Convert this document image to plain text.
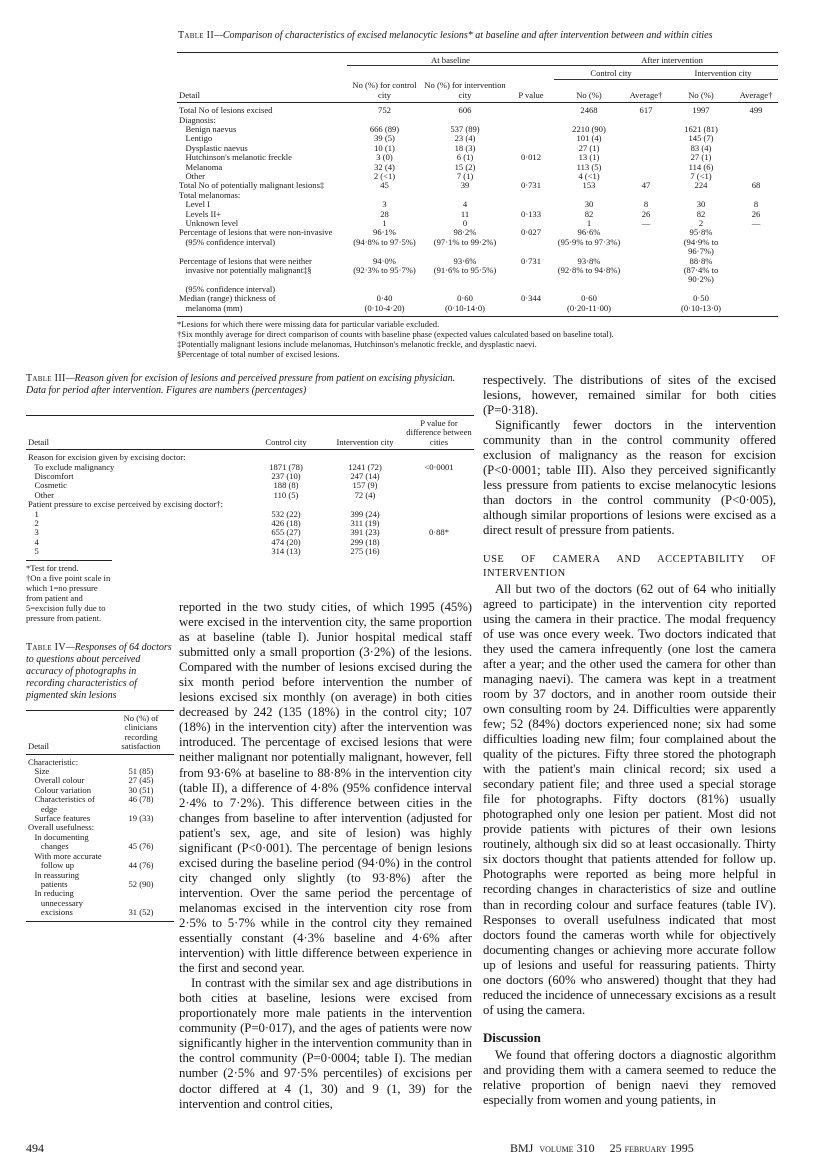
Table II—Comparison of characteristics of excised melanocytic lesions* at baseline and after intervention between and within cities
	At baseline			After intervention			
				Control city		Intervention city	
Detail	No (%) for control city	No (%) for intervention city	P value	No (%)	Average†	No (%)	Average†
Total No of lesions excised	752	606		2468	617	1997	499
Diagnosis:							
Benign naevus	666 (89)	537 (89)		2210 (90)		1621 (81)	
Lentigo	39 (5)	23 (4)		101 (4)		145 (7)	
Dysplastic naevus	10 (1)	18 (3)		27 (1)		83 (4)	
Hutchinson's melanotic freckle	3 (0)	6 (1)	0·012	13 (1)		27 (1)	
Melanoma	32 (4)	15 (2)		113 (5)		114 (6)	
Other	2 (<1)	7 (1)		4 (<1)		7 (<1)	
Total No of potentially malignant lesions‡	45	39	0·731	153	47	224	68
Total melanomas:							
Level I	3	4		30	8	30	8
Levels II+	28	11	0·133	82	26	82	26
Unknown level	1	0		1	—	2	—
Percentage of lesions that were non-invasive	96·1%	98·2%	0·027	96·6%		95·8%	
(95% confidence interval)	(94·8% to 97·5%)	(97·1% to 99·2%)		(95·9% to 97·3%)		(94·9% to 96·7%)	
Percentage of lesions that were neither	94·0%	93·6%	0·731	93·8%		88·8%	
invasive nor potentially malignant‡§	(92·3% to 95·7%)	(91·6% to 95·5%)		(92·8% to 94·8%)		(87·4% to 90·2%)	
(95% confidence interval)							
Median (range) thickness of	0·40	0·60	0·344	0·60		0·50	
melanoma (mm)	(0·10-4·20)	(0·10-14·0)		(0·20-11·00)		(0·10-13·0)	
*Lesions for which there were missing data for particular variable excluded.
†Six monthly average for direct comparison of counts with baseline phase (expected values calculated based on baseline total).
‡Potentially malignant lesions include melanomas, Hutchinson's melanotic freckle, and dysplastic naevi.
§Percentage of total number of excised lesions.
Table III—Reason given for excision of lesions and perceived pressure from patient on excising physician. Data for period after intervention. Figures are numbers (percentages)
Detail	Control city	Intervention city	P value for difference between cities
Reason for excision given by excising doctor:			
To exclude malignancy	1871 (78)	1241 (72)	<0·0001
Discomfort	237 (10)	247 (14)	
Cosmetic	188 (8)	157 (9)	
Other	110 (5)	72 (4)	
Patient pressure to excise perceived by excising doctor†:			
1	532 (22)	399 (24)	
2	426 (18)	311 (19)	
3	655 (27)	391 (23)	0·88*
4	474 (20)	299 (18)	
5	314 (13)	275 (16)	
*Test for trend.
†On a five point scale in which 1=no pressure from patient and 5=excision fully due to pressure from patient.
Table IV—Responses of 64 doctors to questions about perceived accuracy of photographs in recording characteristics of pigmented skin lesions
Detail	No (%) of clinicians recording satisfaction
Characteristic:	
Size	51 (85)
Overall colour	27 (45)
Colour variation	30 (51)
Characteristics of	46 (78)
edge	
Surface features	19 (33)
Overall usefulness:	
In documenting	
changes	45 (76)
With more accurate	
follow up	44 (76)
In reassuring	
patients	52 (90)
In reducing	
unnecessary	
excisions	31 (52)

reported in the two study cities, of which 1995 (45%) were excised in the intervention city, the same proportion as at baseline (table I). Junior hospital medical staff submitted only a small proportion (3·2%) of the lesions. Compared with the number of lesions excised during the six month period before intervention the number of lesions excised six monthly (on average) in both cities decreased by 242 (135 (18%) in the control city; 107 (18%) in the intervention city) after the intervention was introduced. The percentage of excised lesions that were neither malignant nor potentially malignant, however, fell from 93·6% at baseline to 88·8% in the intervention city (table II), a difference of 4·8% (95% confidence interval 2·4% to 7·2%). This difference between cities in the changes from baseline to after intervention (adjusted for patient's sex, age, and site of lesion) was highly significant (P<0·001). The percentage of benign lesions excised during the baseline period (94·0%) in the control city changed only slightly (to 93·8%) after the intervention. Over the same period the percentage of melanomas excised in the intervention city rose from 2·5% to 5·7% while in the control city they remained essentially constant (4·3% baseline and 4·6% after intervention) with little difference between experience in the first and second year.

In contrast with the similar sex and age distributions in both cities at baseline, lesions were excised from proportionately more male patients in the intervention community (P=0·017), and the ages of patients were now significantly higher in the intervention community than in the control community (P=0·0004; table I). The median number (2·5% and 97·5% percentiles) of excisions per doctor differed at 4 (1, 30) and 9 (1, 39) for the intervention and control cities,

respectively. The distributions of sites of the excised lesions, however, remained similar for both cities (P=0·318).

Significantly fewer doctors in the intervention community than in the control community offered exclusion of malignancy as the reason for excision (P<0·0001; table III). Also they perceived significantly less pressure from patients to excise melanocytic lesions than doctors in the control community (P<0·005), although similar proportions of lesions were excised as a direct result of pressure from patients.

USE OF CAMERA AND ACCEPTABILITY OF INTERVENTION

All but two of the doctors (62 out of 64 who initially agreed to participate) in the intervention city reported using the camera in their practice. The modal frequency of use was once every week. Two doctors indicated that they used the camera infrequently (one lost the camera after a year; and the other used the camera for other than managing naevi). The camera was kept in a treatment room by 37 doctors, and in another room outside their own consulting room by 24. Difficulties were apparently few; 52 (84%) doctors experienced none; six had some difficulties loading new film; four complained about the quality of the pictures. Fifty three stored the photograph with the patient's main clinical record; six used a secondary patient file; and three used a special storage file for photographs. Fifty doctors (81%) usually photographed only one lesion per patient. Most did not provide patients with pictures of their own lesions routinely, although six did so at least occasionally. Thirty six doctors thought that patients attended for follow up. Photographs were reported as being more helpful in recording changes in characteristics of size and outline than in recording colour and surface features (table IV). Responses to overall usefulness indicated that most doctors found the cameras worth while for objectively documenting changes or achieving more accurate follow up of lesions and useful for reassuring patients. Thirty one doctors (60% who answered) thought that they had reduced the incidence of unnecessary excisions as a result of using the camera.

Discussion

We found that offering doctors a diagnostic algorithm and providing them with a camera seemed to reduce the relative proportion of benign naevi they removed especially from women and young patients, in

494	BMJ volume 310 25 february 1995
